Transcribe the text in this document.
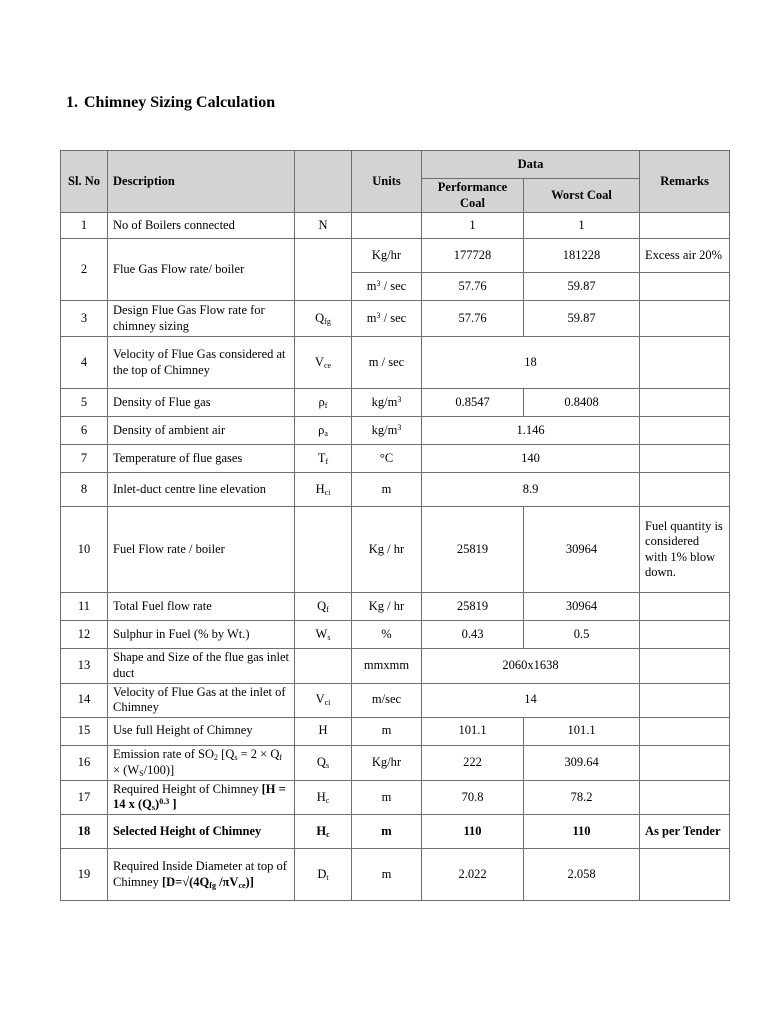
1. Chimney Sizing Calculation
Sl. No	Description		Units	Data		Remarks
				Performance Coal	Worst Coal	
1	No of Boilers connected	N		1	1	
2	Flue Gas Flow rate/ boiler		Kg/hr	177728	181228	Excess air 20%
			$m^3$ / sec	57.76	59.87	
3	Design Flue Gas Flow rate for chimney sizing	$Q_{fg}$	$m^3$ / sec	57.76	59.87	
4	Velocity of Flue Gas considered at the top of Chimney	$V_{ce}$	m / sec	18		
5	Density of Flue gas	$\rho_f$	$kg/m^3$	0.8547	0.8408	
6	Density of ambient air	$\rho_a$	$kg/m^3$	1.146		
7	Temperature of flue gases	$T_f$	°C	140		
8	Inlet-duct centre line elevation	$H_{ci}$	m	8.9		
10	Fuel Flow rate / boiler		Kg / hr	25819	30964	Fuel quantity is considered with 1% blow down.
11	Total Fuel flow rate	$Q_f$	Kg / hr	25819	30964	
12	Sulphur in Fuel (% by Wt.)	$W_s$	%	0.43	0.5	
13	Shape and Size of the flue gas inlet duct		mmxmm	2060x1638		
14	Velocity of Flue Gas at the inlet of Chimney	$V_{ci}$	m/sec	14		
15	Use full Height of Chimney	H	m	101.1	101.1	
16	Emission rate of $SO_2$ $[Q_s = 2 \times Q_f \times (W_S/100)]$	$Q_s$	Kg/hr	222	309.64	
17	Required Height of Chimney [H = 14 x $(Q_s)^{0.3}$ ]	$H_c$	m	70.8	78.2	
18	Selected Height of Chimney	$H_c$	m	110	110	As per Tender
19	Required Inside Diameter at top of Chimney [$D=√(4Q_{fg}$ $/\pi V_{ce}$)]	$D_t$	m	2.022	2.058	
